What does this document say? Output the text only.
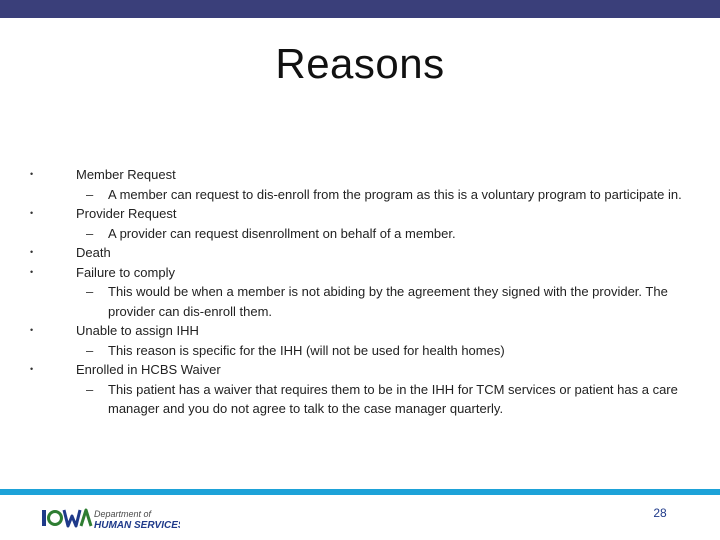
Reasons
•	Member Request
– A member can request to dis-enroll from the program as this is a voluntary program to participate in.
•	Provider Request
– A provider can request disenrollment on behalf of a member.
•	Death
•	Failure to comply
– This would be when a member is not abiding by the agreement they signed with the provider. The provider can dis-enroll them.
•	Unable to assign IHH
– This reason is specific for the IHH (will not be used for health homes)
•	Enrolled in HCBS Waiver
– This patient has a waiver that requires them to be in the IHH for TCM services or patient has a care manager and you do not agree to talk to the case manager quarterly.
Department of
HUMAN SERVICES
28
